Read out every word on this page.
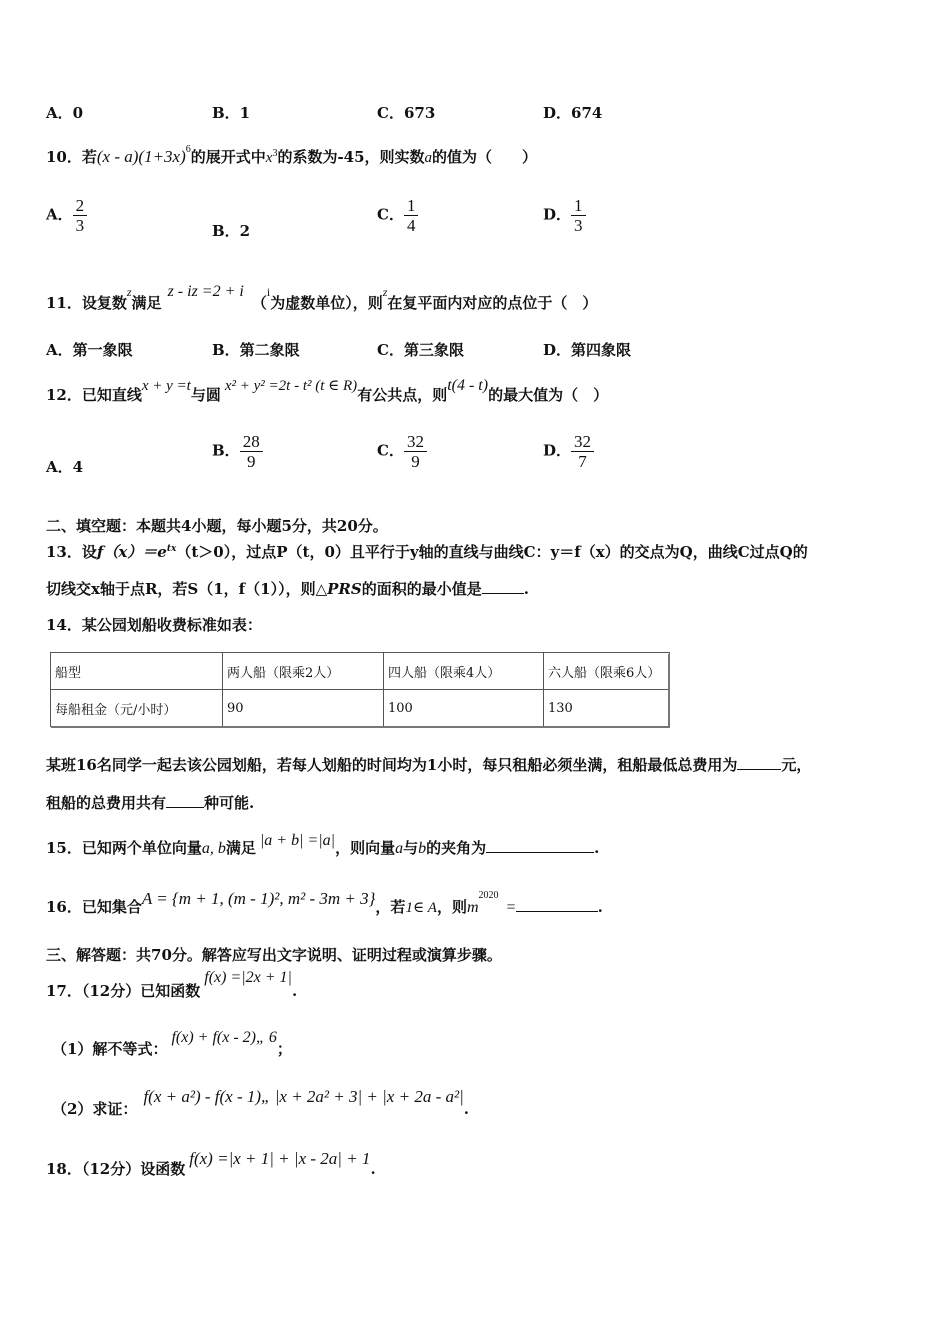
A．0	B．1	C．673	D．674
10．若$(x - a)(1+3x)^6$的展开式中$x^3$的系数为-45，则实数a的值为（　　）
A． $\frac{2}{3}$	B．2
C． $\frac{1}{4}$	D． $\frac{1}{3}$
11．设复数z满足z - iz =2 + i（i为虚数单位），则z在复平面内对应的点位于（　）
A．第一象限	B．第二象限	C．第三象限	D．第四象限
12．已知直线x + y =t与圆 x² + y² =2t - t² (t ∈ R)有公共点，则t(4 - t)的最大值为（　）
A．4
B． $\frac{28}{9}$	C． $\frac{32}{9}$	D． $\frac{32}{7}$
二、填空题：本题共4小题，每小题5分，共20分。
13．设$f(x)=e^{tx}(t>0)$，过点P（t，0）且平行于y轴的直线与曲线C：y＝f（x）的交点为Q，曲线C过点Q的
切线交x轴于点R，若S（1，f（1）），则△PRS的面积的最小值是	.
14．某公园划船收费标准如表：
船型	两人船（限乘2人）	四人船（限乘4人）	六人船（限乘6人）
每船租金（元/小时）	90	100	130
某班16名同学一起去该公园划船，若每人划船的时间均为1小时，每只租船必须坐满，租船最低总费用为	元，
租船的总费用共有	种可能.
15．已知两个单位向量a, b满足 |a + b| =|a|，则向量a与b的夹角为	.
16．已知集合A = {m + 1, (m - 1)², m² - 3m + 3}，若1∈ A，则$m^{2020}=$	.
三、解答题：共70分。解答应写出文字说明、证明过程或演算步骤。
17．（12分）已知函数f(x) =|2x + 1|.
（1）解不等式：f(x) + f(x - 2)„ 6；
（2）求证：f(x + a²) - f(x - 1)„ |x + 2a² + 3| + |x + 2a - a²|.
18．（12分）设函数f(x) =|x + 1| + |x - 2a| + 1.
